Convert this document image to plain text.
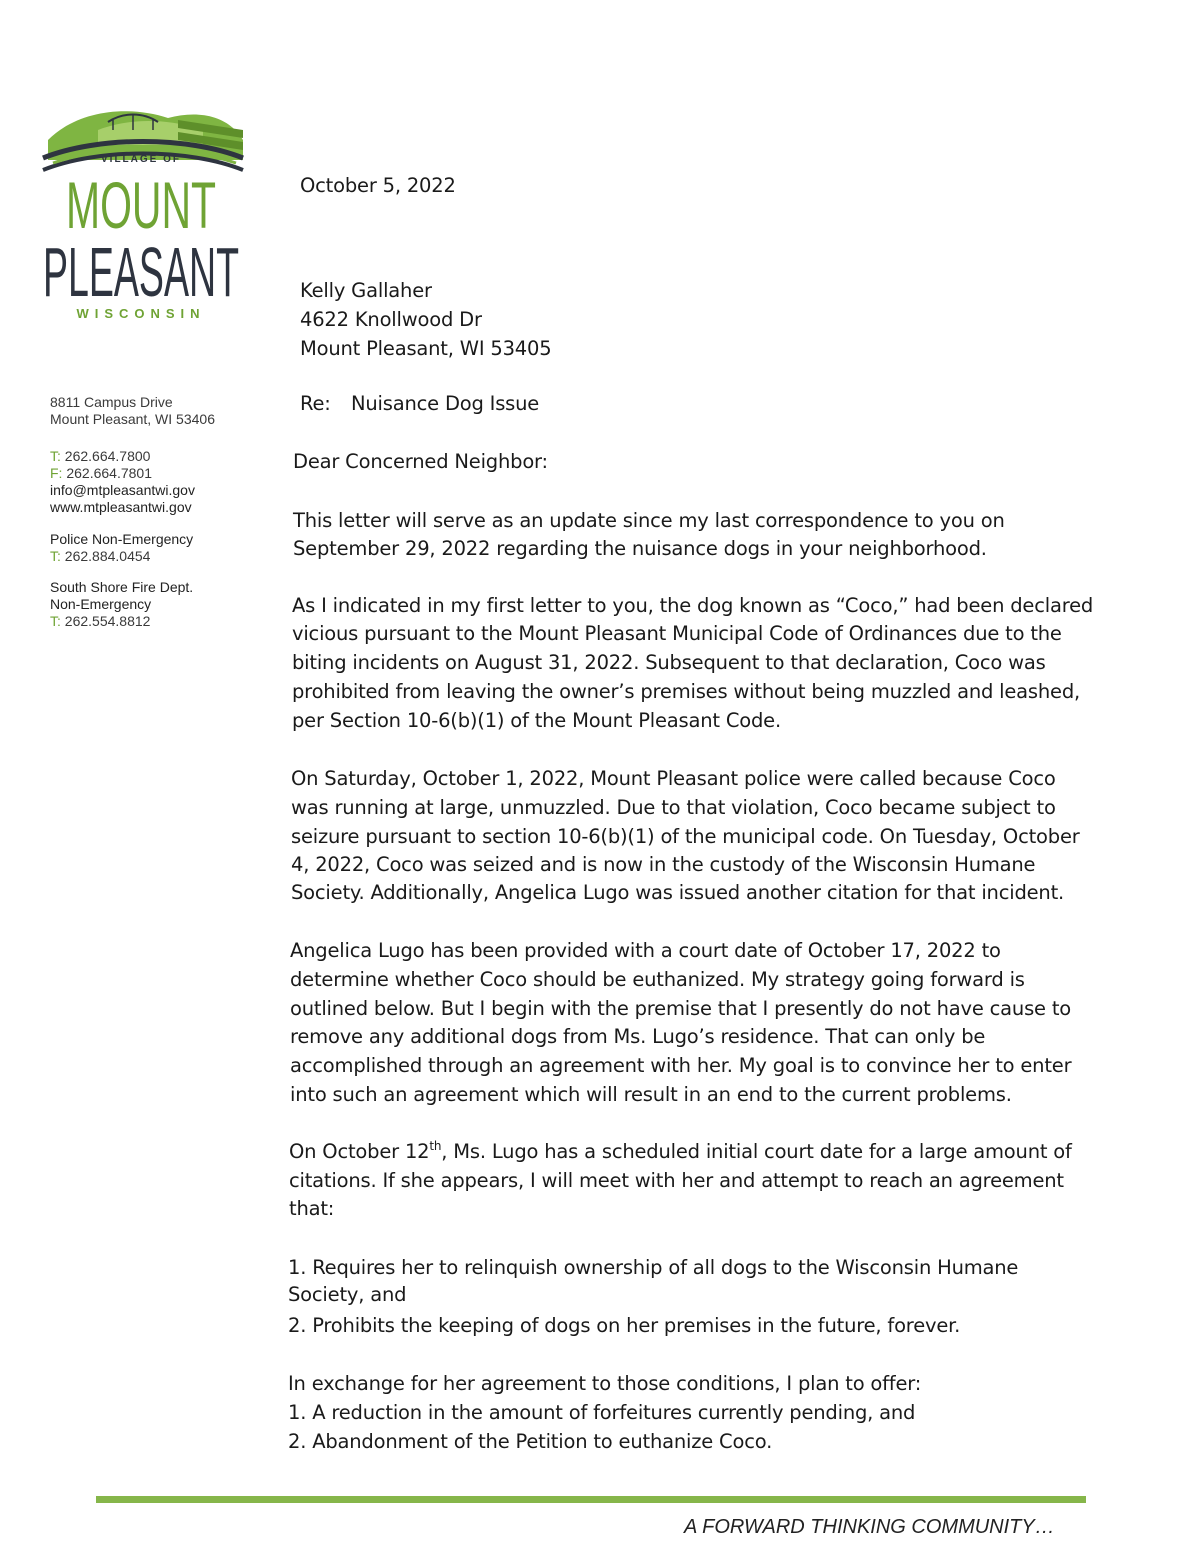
VILLAGE OF
MOUNT
PLEASANT
WISCONSIN
8811 Campus Drive
Mount Pleasant, WI 53406
T: 262.664.7800
F: 262.664.7801
info@mtpleasantwi.gov
www.mtpleasantwi.gov
Police Non-Emergency
T: 262.884.0454
South Shore Fire Dept.
Non-Emergency
T: 262.554.8812
October 5, 2022
Kelly Gallaher
4622 Knollwood Dr
Mount Pleasant, WI 53405
Re: Nuisance Dog Issue
Dear Concerned Neighbor:
This letter will serve as an update since my last correspondence to you on
September 29, 2022 regarding the nuisance dogs in your neighborhood.
As I indicated in my first letter to you, the dog known as “Coco,” had been declared
vicious pursuant to the Mount Pleasant Municipal Code of Ordinances due to the
biting incidents on August 31, 2022. Subsequent to that declaration, Coco was
prohibited from leaving the owner’s premises without being muzzled and leashed,
per Section 10-6(b)(1) of the Mount Pleasant Code.
On Saturday, October 1, 2022, Mount Pleasant police were called because Coco
was running at large, unmuzzled. Due to that violation, Coco became subject to
seizure pursuant to section 10-6(b)(1) of the municipal code. On Tuesday, October
4, 2022, Coco was seized and is now in the custody of the Wisconsin Humane
Society. Additionally, Angelica Lugo was issued another citation for that incident.
Angelica Lugo has been provided with a court date of October 17, 2022 to
determine whether Coco should be euthanized. My strategy going forward is
outlined below. But I begin with the premise that I presently do not have cause to
remove any additional dogs from Ms. Lugo’s residence. That can only be
accomplished through an agreement with her. My goal is to convince her to enter
into such an agreement which will result in an end to the current problems.
On October 12th, Ms. Lugo has a scheduled initial court date for a large amount of
citations. If she appears, I will meet with her and attempt to reach an agreement
that:
1. Requires her to relinquish ownership of all dogs to the Wisconsin Humane
Society, and
2. Prohibits the keeping of dogs on her premises in the future, forever.
In exchange for her agreement to those conditions, I plan to offer:
1. A reduction in the amount of forfeitures currently pending, and
2. Abandonment of the Petition to euthanize Coco.
A FORWARD THINKING COMMUNITY…
